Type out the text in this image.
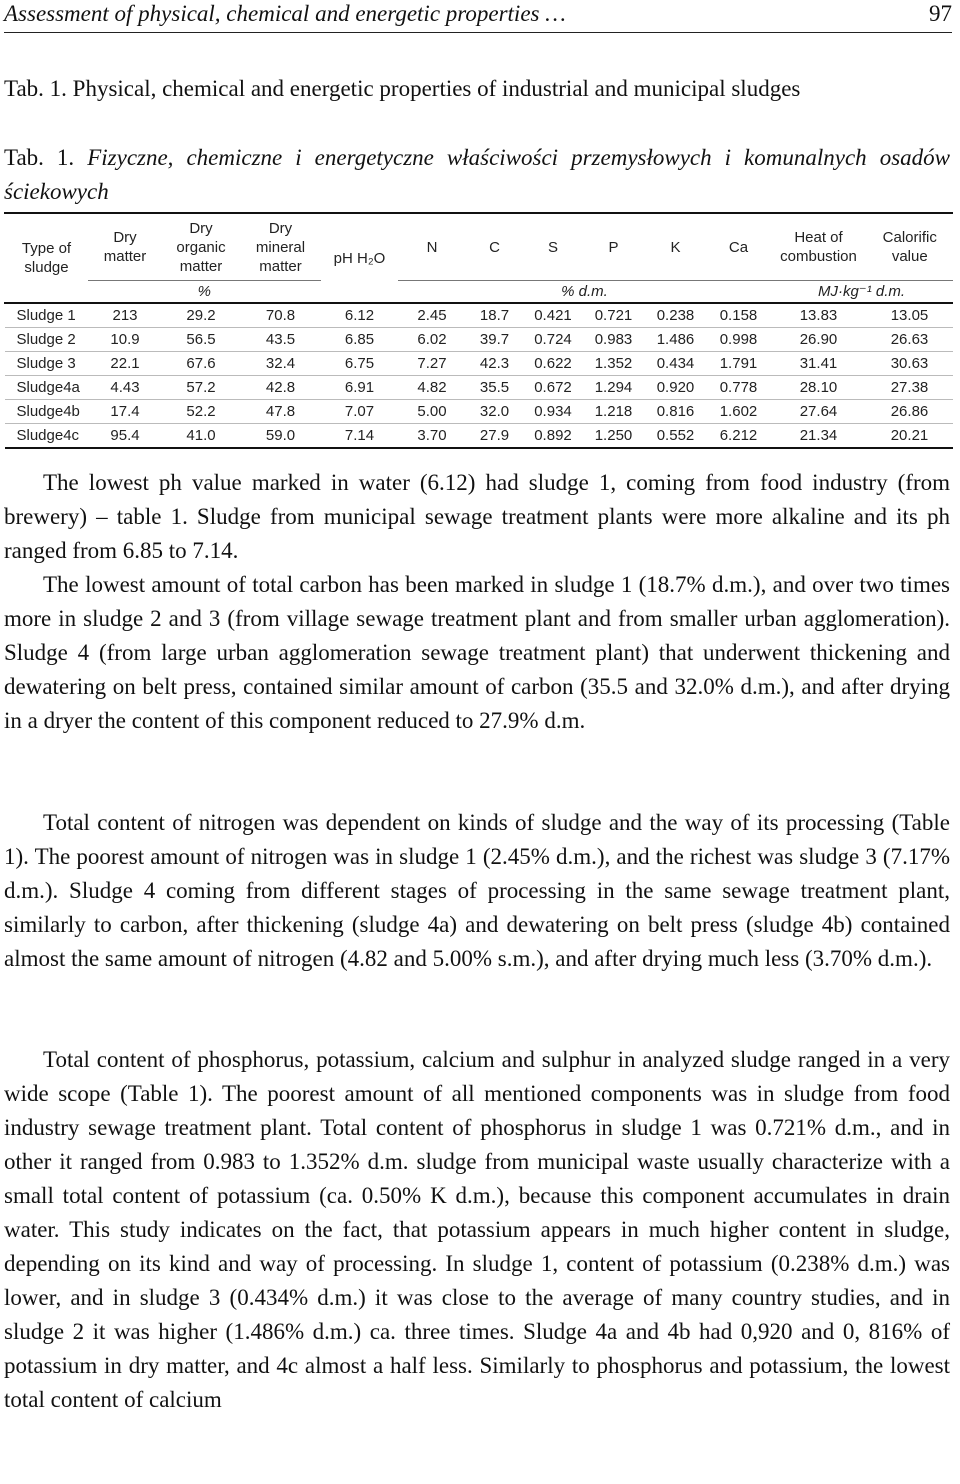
Assessment of physical, chemical and energetic properties …	97
Tab. 1. Physical, chemical and energetic properties of industrial and municipal sludges
Tab. 1. Fizyczne, chemiczne i energetyczne właściwości przemysłowych i komunalnych osadów ściekowych
Type of sludge	Dry matter	Dry organic matter	Dry mineral matter	pH H₂O	N	C	S	P	K	Ca	Heat of combustion	Calorific value
	%				% d.m.						MJ·kg⁻¹ d.m.	
Sludge 1	213	29.2	70.8	6.12	2.45	18.7	0.421	0.721	0.238	0.158	13.83	13.05
Sludge 2	10.9	56.5	43.5	6.85	6.02	39.7	0.724	0.983	1.486	0.998	26.90	26.63
Sludge 3	22.1	67.6	32.4	6.75	7.27	42.3	0.622	1.352	0.434	1.791	31.41	30.63
Sludge4a	4.43	57.2	42.8	6.91	4.82	35.5	0.672	1.294	0.920	0.778	28.10	27.38
Sludge4b	17.4	52.2	47.8	7.07	5.00	32.0	0.934	1.218	0.816	1.602	27.64	26.86
Sludge4c	95.4	41.0	59.0	7.14	3.70	27.9	0.892	1.250	0.552	6.212	21.34	20.21

The lowest ph value marked in water (6.12) had sludge 1, coming from food industry (from brewery) – table 1. Sludge from municipal sewage treatment plants were more alkaline and its ph ranged from 6.85 to 7.14.

The lowest amount of total carbon has been marked in sludge 1 (18.7% d.m.), and over two times more in sludge 2 and 3 (from village sewage treatment plant and from smaller urban agglomeration). Sludge 4 (from large urban agglomeration sewage treatment plant) that underwent thickening and dewatering on belt press, contained similar amount of carbon (35.5 and 32.0% d.m.), and after drying in a dryer the content of this component reduced to 27.9% d.m.

Total content of nitrogen was dependent on kinds of sludge and the way of its processing (Table 1). The poorest amount of nitrogen was in sludge 1 (2.45% d.m.), and the richest was sludge 3 (7.17% d.m.). Sludge 4 coming from different stages of processing in the same sewage treatment plant, similarly to carbon, after thickening (sludge 4a) and dewatering on belt press (sludge 4b) contained almost the same amount of nitrogen (4.82 and 5.00% s.m.), and after drying much less (3.70% d.m.).

Total content of phosphorus, potassium, calcium and sulphur in analyzed sludge ranged in a very wide scope (Table 1). The poorest amount of all mentioned components was in sludge from food industry sewage treatment plant. Total content of phosphorus in sludge 1 was 0.721% d.m., and in other it ranged from 0.983 to 1.352% d.m. sludge from municipal waste usually characterize with a small total content of potassium (ca. 0.50% K d.m.), because this component accumulates in drain water. This study indicates on the fact, that potassium appears in much higher content in sludge, depending on its kind and way of processing. In sludge 1, content of potassium (0.238% d.m.) was lower, and in sludge 3 (0.434% d.m.) it was close to the average of many country studies, and in sludge 2 it was higher (1.486% d.m.) ca. three times. Sludge 4a and 4b had 0,920 and 0, 816% of potassium in dry matter, and 4c almost a half less. Similarly to phosphorus and potassium, the lowest total content of calcium
